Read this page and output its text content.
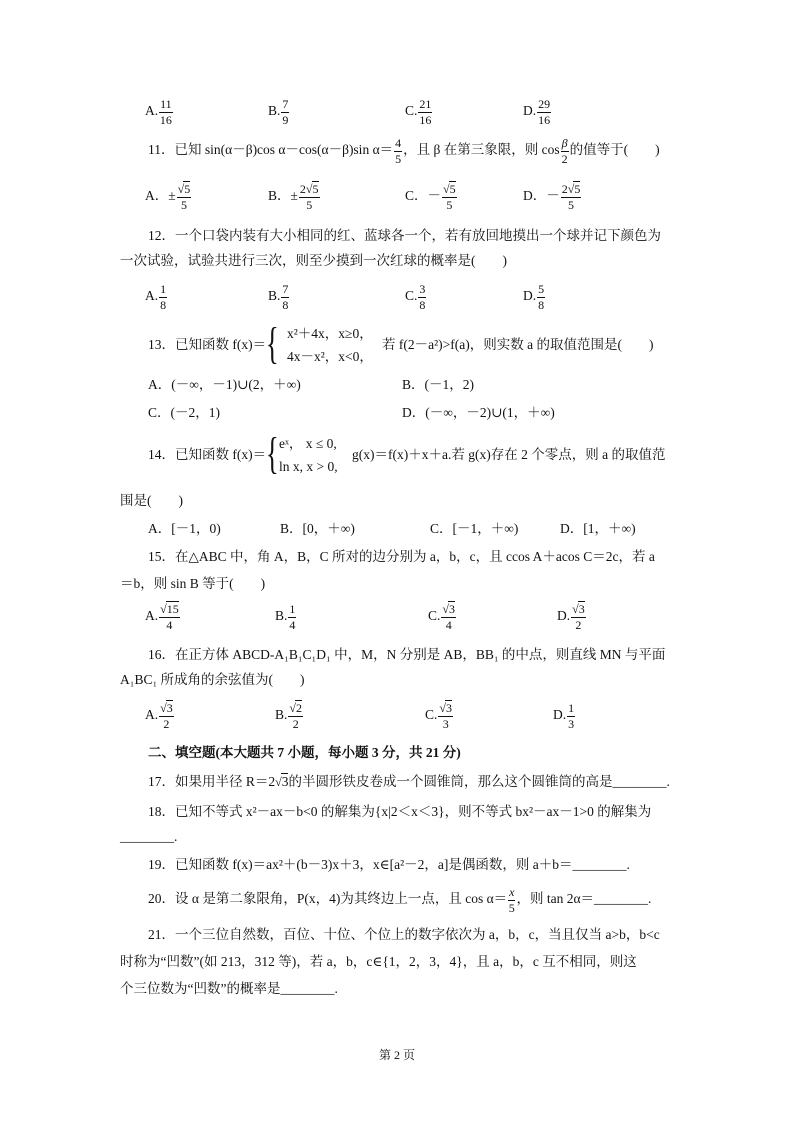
A. $\frac{11}{16}$	B. $\frac{7}{9}$	C. $\frac{21}{16}$	D. $\frac{29}{16}$
11．已知 sin(α－β)cos α－cos(α－β)sin $\alpha= \frac{4}{5}$ ，且 β 在第三象限，则 $\cos \frac{\beta}{2}$ 的值等于(　　)
A．± $\frac{√5}{5}$	B．± $\frac{2√5}{5}$	C．－ $\frac{√5}{5}$	D．－ $\frac{2√5}{5}$
12．一个口袋内装有大小相同的红、蓝球各一个，若有放回地摸出一个球并记下颜色为
一次试验，试验共进行三次，则至少摸到一次红球的概率是(　　)
A. $\frac{1}{8}$	B. $\frac{7}{8}$	C. $\frac{3}{8}$	D. $\frac{5}{8}$
13．已知函数 f(x)＝ { x²＋4x，x≥0，
4x－x²，x<0，
若 f(2－a²)>f(a)，则实数 a 的取值范围是(　　)
A．(－∞，－1)∪(2，＋∞)	B．(－1，2)
C．(－2，1)	D．(－∞，－2)∪(1，＋∞)
14．已知函数 f(x)＝ { eˣ， x ≤ 0,
ln x, x > 0,
g(x)＝f(x)＋x＋a.若 g(x)存在 2 个零点，则 a 的取值范
围是(　　)
A．[－1，0)	B．[0，＋∞)	C．[－1，＋∞)	D．[1，＋∞)
15．在△ABC 中，角 A，B，C 所对的边分别为 a，b，c，且 ccos A＋acos C＝2c，若 a
＝b，则 sin B 等于(　　)
A. $\frac{√15}{4}$	B. $\frac{1}{4}$	C. $\frac{√3}{4}$	D. $\frac{√3}{2}$
16．在正方体 ABCD-A₁B₁C₁D₁ 中，M，N 分别是 AB，BB₁ 的中点，则直线 MN 与平面
A₁BC₁ 所成角的余弦值为(　　)
A. $\frac{√3}{2}$	B. $\frac{√2}{2}$	C. $\frac{√3}{3}$	D. $\frac{1}{3}$
二、填空题(本大题共 7 小题，每小题 3 分，共 21 分)
17．如果用半径 R＝2√3的半圆形铁皮卷成一个圆锥筒，那么这个圆锥筒的高是________.
18．已知不等式 x²－ax－b<0 的解集为{x|2＜x＜3}，则不等式 bx²－ax－1>0 的解集为
________.
19．已知函数 f(x)＝ax²＋(b－3)x＋3，x∈[a²－2，a]是偶函数，则 a＋b＝________.
20．设 α 是第二象限角，P(x，4)为其终边上一点，且 $\cos \alpha= \frac{x}{5}$ ，则 tan 2α＝________.
21．一个三位自然数，百位、十位、个位上的数字依次为 a，b，c，当且仅当 a>b，b<c
时称为“凹数”(如 213，312 等)，若 a，b，c∈{1，2，3，4}，且 a，b，c 互不相同，则这
个三位数为“凹数”的概率是________.
第 2 页
